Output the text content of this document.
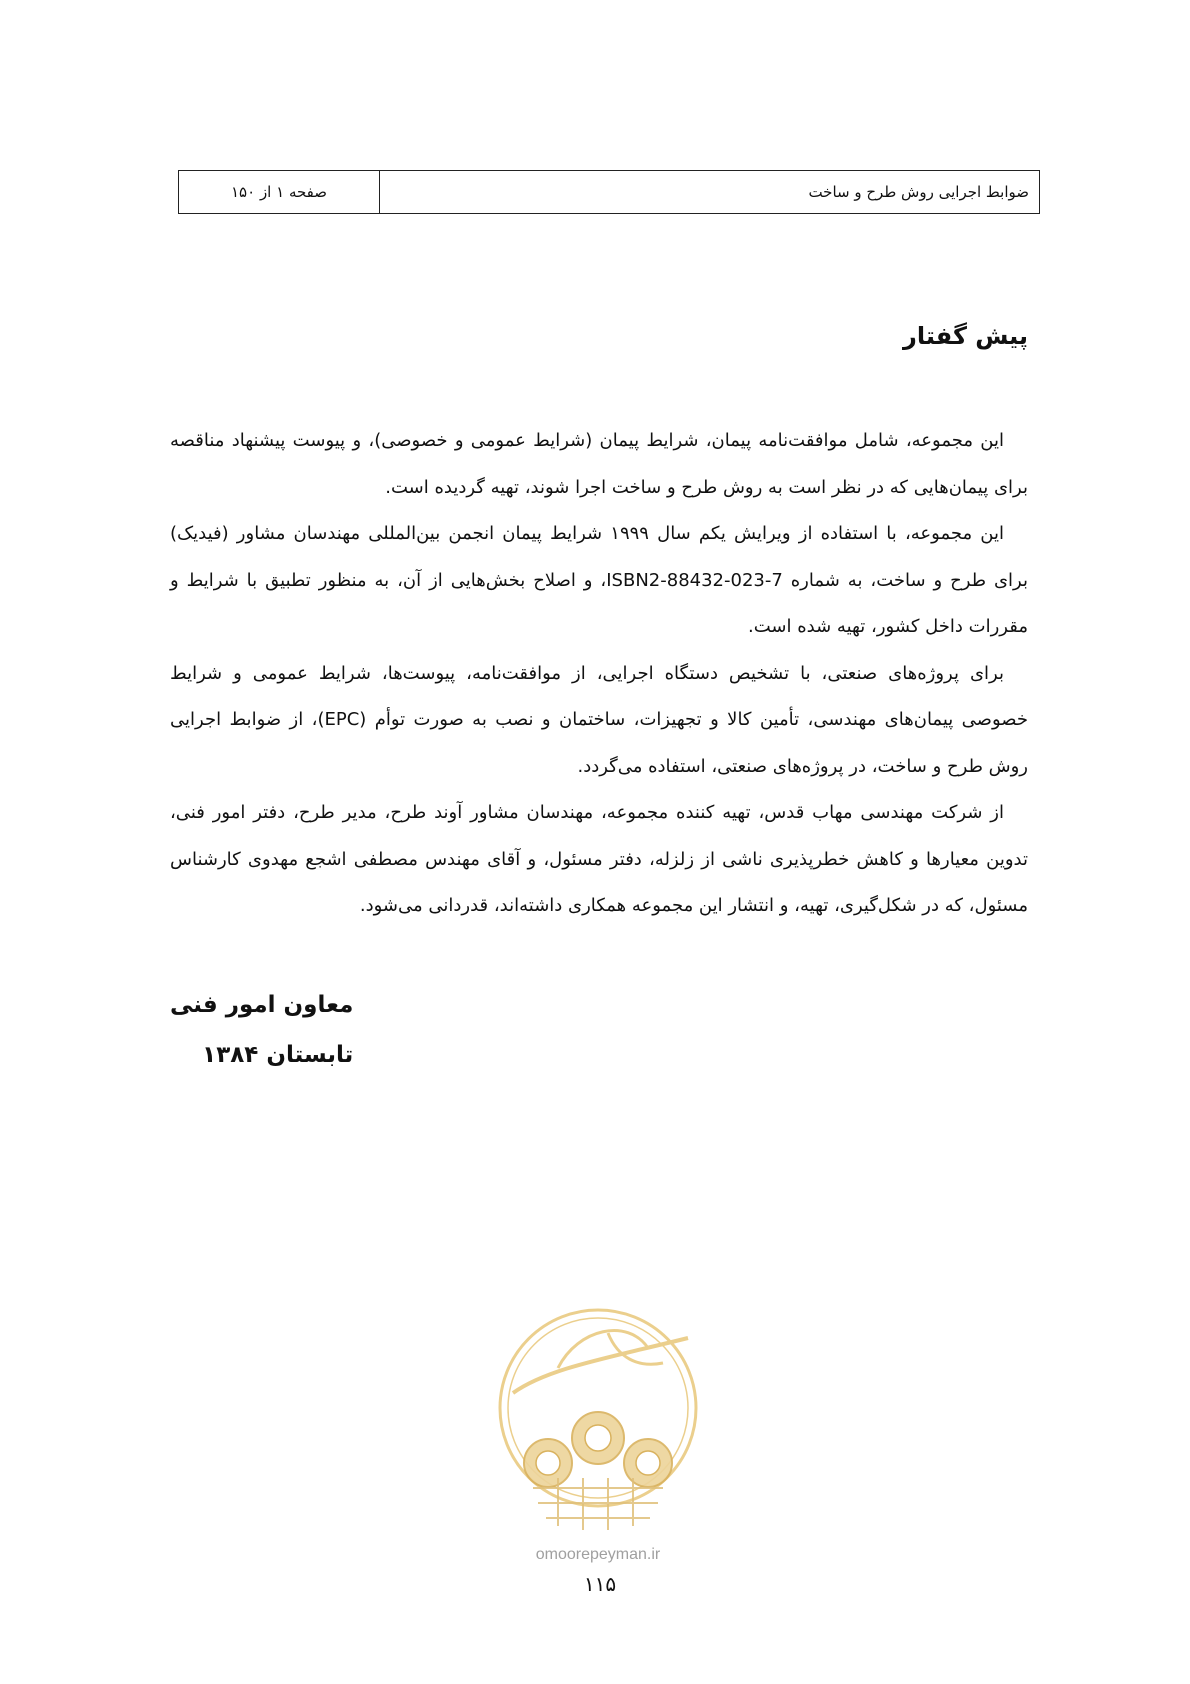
ضوابط اجرایی روش طرح و ساخت
صفحه ۱ از ۱۵۰
پیش گفتار

این مجموعه، شامل موافقت‌نامه پیمان، شرایط پیمان (شرایط عمومی و خصوصی)، و پیوست پیشنهاد مناقصه برای پیمان‌هایی که در نظر است به روش طرح و ساخت اجرا شوند، تهیه گردیده است.

این مجموعه، با استفاده از ویرایش یکم سال ۱۹۹۹ شرایط پیمان انجمن بین‌المللی مهندسان مشاور (فیدیک) برای طرح و ساخت، به شماره ISBN2-88432-023-7، و اصلاح بخش‌هایی از آن، به منظور تطبیق با شرایط و مقررات داخل کشور، تهیه شده است.

برای پروژه‌های صنعتی، با تشخیص دستگاه اجرایی، از موافقت‌نامه، پیوست‌ها، شرایط عمومی و شرایط خصوصی پیمان‌های مهندسی، تأمین کالا و تجهیزات، ساختمان و نصب به صورت توأم (EPC)، از ضوابط اجرایی روش طرح و ساخت، در پروژه‌های صنعتی، استفاده می‌گردد.

از شرکت مهندسی مهاب قدس، تهیه کننده مجموعه، مهندسان مشاور آوند طرح، مدیر طرح، دفتر امور فنی، تدوین معیارها و کاهش خطرپذیری ناشی از زلزله، دفتر مسئول، و آقای مهندس مصطفی اشجع مهدوی کارشناس مسئول، که در شکل‌گیری، تهیه، و انتشار این مجموعه همکاری داشته‌اند، قدردانی می‌شود.

معاون امور فنی
تابستان ۱۳۸۴
omoorepeyman.ir
۱۱۵
